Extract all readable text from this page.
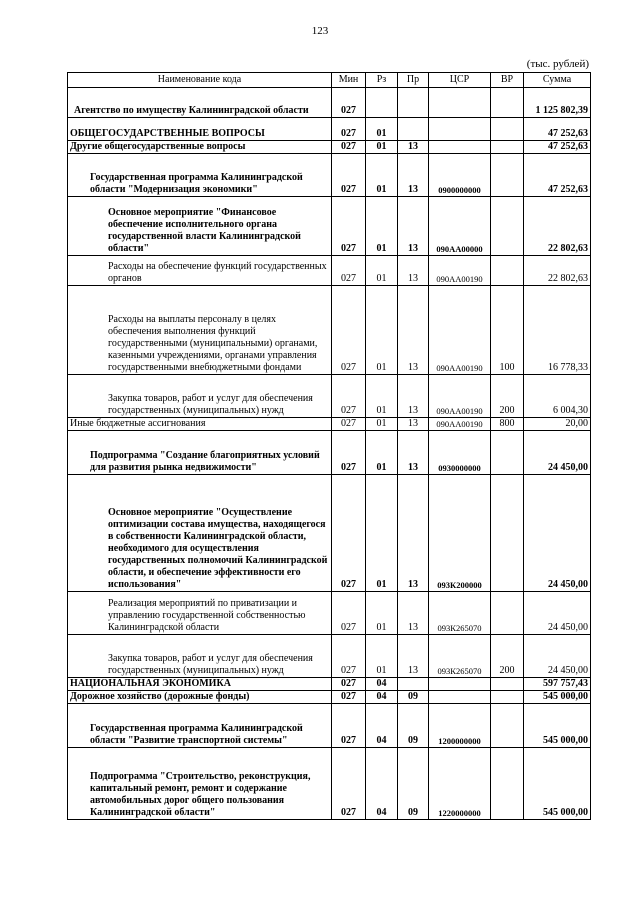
123
(тыс. рублей)
Наименование кода	Мин	Рз	Пр	ЦСР	ВР	Сумма
Агентство по имуществу Калининградской области	027					1 125 802,39
ОБЩЕГОСУДАРСТВЕННЫЕ ВОПРОСЫ	027	01				47 252,63
Другие общегосударственные вопросы	027	01	13			47 252,63
Государственная программа Калининградской области "Модернизация экономики"	027	01	13	0900000000		47 252,63
Основное мероприятие "Финансовое обеспечение исполнительного органа государственной власти Калининградской области"	027	01	13	090АА00000		22 802,63
Расходы на обеспечение функций государственных органов	027	01	13	090АА00190		22 802,63
Расходы на выплаты персоналу в целях обеспечения выполнения функций государственными (муниципальными) органами, казенными учреждениями, органами управления государственными внебюджетными фондами	027	01	13	090АА00190	100	16 778,33
Закупка товаров, работ и услуг для обеспечения государственных (муниципальных) нужд	027	01	13	090АА00190	200	6 004,30
Иные бюджетные ассигнования	027	01	13	090АА00190	800	20,00
Подпрограмма "Создание благоприятных условий для развития рынка недвижимости"	027	01	13	0930000000		24 450,00
Основное мероприятие "Осуществление оптимизации состава имущества, находящегося в собственности Калининградской области, необходимого для осуществления государственных полномочий Калининградской области, и обеспечение эффективности его использования"	027	01	13	093К200000		24 450,00
Реализация мероприятий по приватизации и управлению государственной собственностью Калининградской области	027	01	13	093К265070		24 450,00
Закупка товаров, работ и услуг для обеспечения государственных (муниципальных) нужд	027	01	13	093К265070	200	24 450,00
НАЦИОНАЛЬНАЯ ЭКОНОМИКА	027	04				597 757,43
Дорожное хозяйство (дорожные фонды)	027	04	09			545 000,00
Государственная программа Калининградской области "Развитие транспортной системы"	027	04	09	1200000000		545 000,00
Подпрограмма "Строительство, реконструкция, капитальный ремонт, ремонт и содержание автомобильных дорог общего пользования Калининградской области"	027	04	09	1220000000		545 000,00
